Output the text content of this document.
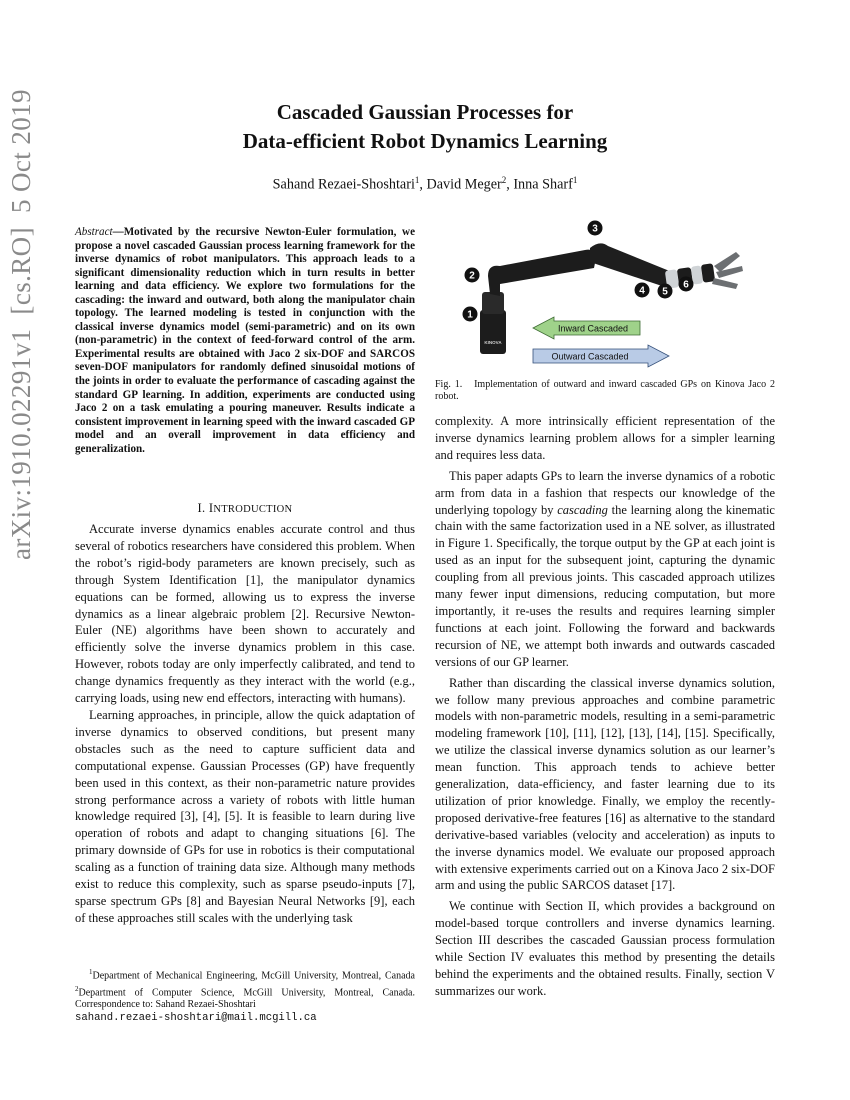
arXiv:1910.02291v1[cs.RO]5 Oct 2019	Cascaded Gaussian Processes for
Data-efficient Robot Dynamics Learning
Sahand Rezaei-Shoshtari$^1$, David Meger$^2$, Inna Sharf$^1$
Abstract—Motivated by the recursive Newton-Euler formulation, we propose a novel cascaded Gaussian process learning framework for the inverse dynamics of robot manipulators. This approach leads to a significant dimensionality reduction which in turn results in better learning and data efficiency. We explore two formulations for the cascading: the inward and outward, both along the manipulator chain topology. The learned modeling is tested in conjunction with the classical inverse dynamics model (semi-parametric) and on its own (non-parametric) in the context of feed-forward control of the arm. Experimental results are obtained with Jaco 2 six-DOF and SARCOS seven-DOF manipulators for randomly defined sinusoidal motions of the joints in order to evaluate the performance of cascading against the standard GP learning. In addition, experiments are conducted using Jaco 2 on a task emulating a pouring maneuver. Results indicate a consistent improvement in learning speed with the inward cascaded GP model and an overall improvement in data efficiency and generalization.
I. INTRODUCTION

Accurate inverse dynamics enables accurate control and thus several of robotics researchers have considered this problem. When the robot’s rigid-body parameters are known precisely, such as through System Identification [1], the manipulator dynamics equations can be formed, allowing us to express the inverse dynamics as a linear algebraic problem [2]. Recursive Newton-Euler (NE) algorithms have been shown to accurately and efficiently solve the inverse dynamics problem in this case. However, robots today are only imperfectly calibrated, and tend to change dynamics frequently as they interact with the world (e.g., carrying loads, using new end effectors, interacting with humans).

Learning approaches, in principle, allow the quick adaptation of inverse dynamics to observed conditions, but present many obstacles such as the need to capture sufficient data and computational expense. Gaussian Processes (GP) have frequently been used in this context, as their non-parametric nature provides strong performance across a variety of robots with little human knowledge required [3], [4], [5]. It is feasible to learn during live operation of robots and adapt to changing situations [6]. The primary downside of GPs for use in robotics is their computational scaling as a function of training data size. Although many methods exist to reduce this complexity, such as sparse pseudo-inputs [7], sparse spectrum GPs [8] and Bayesian Neural Networks [9], each of these approaches still scales with the underlying task

$^1$Department of Mechanical Engineering, McGill University, Montreal, Canada $^2$Department of Computer Science, McGill University, Montreal, Canada. Correspondence to: Sahand Rezaei-Shoshtari

sahand.rezaei-shoshtari@mail.mcgill.ca
KINOVA
1
2
3
4 5
6
Inward Cascaded
Outward Cascaded
Fig. 1. Implementation of outward and inward cascaded GPs on Kinova Jaco 2 robot.

complexity. A more intrinsically efficient representation of the inverse dynamics learning problem allows for a simpler learning and requires less data.

This paper adapts GPs to learn the inverse dynamics of a robotic arm from data in a fashion that respects our knowledge of the underlying topology by cascading the learning along the kinematic chain with the same factorization used in a NE solver, as illustrated in Figure 1. Specifically, the torque output by the GP at each joint is used as an input for the subsequent joint, capturing the dynamic coupling from all previous joints. This cascaded approach utilizes many fewer input dimensions, reducing computation, but more importantly, it re-uses the results and requires learning simpler functions at each joint. Following the forward and backwards recursion of NE, we attempt both inwards and outwards cascaded versions of our GP learner.

Rather than discarding the classical inverse dynamics solution, we follow many previous approaches and combine parametric models with non-parametric models, resulting in a semi-parametric modeling framework [10], [11], [12], [13], [14], [15]. Specifically, we utilize the classical inverse dynamics solution as our learner’s mean function. This approach tends to achieve better generalization, data-efficiency, and faster learning due to its utilization of prior knowledge. Finally, we employ the recently-proposed derivative-free features [16] as alternative to the standard derivative-based variables (velocity and acceleration) as inputs to the inverse dynamics model. We evaluate our proposed approach with extensive experiments carried out on a Kinova Jaco 2 six-DOF arm and using the public SARCOS dataset [17].

We continue with Section II, which provides a background on model-based torque controllers and inverse dynamics learning. Section III describes the cascaded Gaussian process formulation while Section IV evaluates this method by presenting the details behind the experiments and the obtained results. Finally, section V summarizes our work.
